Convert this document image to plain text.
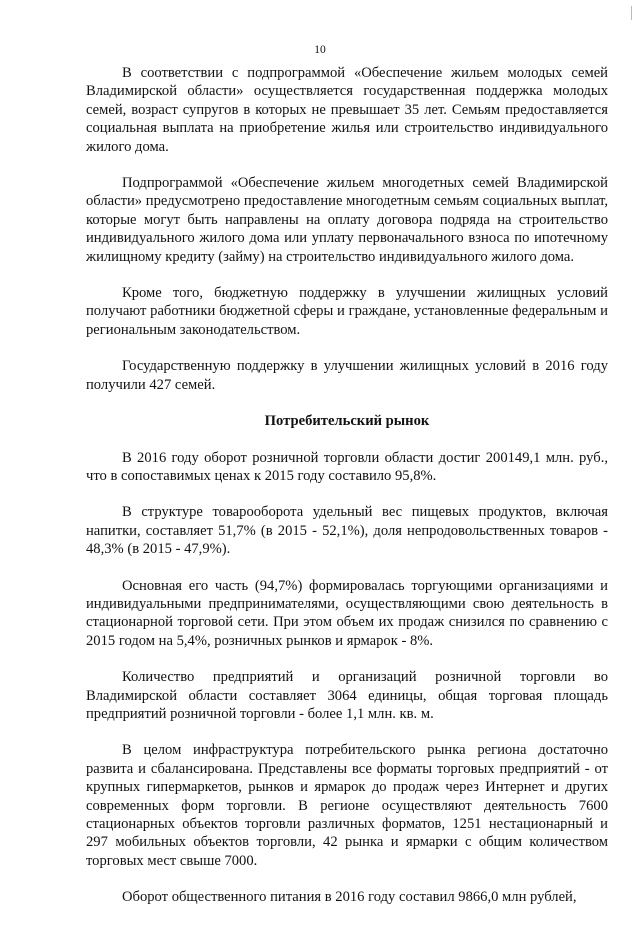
10

В соответствии с подпрограммой «Обеспечение жильем молодых семей Владимирской области» осуществляется государственная поддержка молодых семей, возраст супругов в которых не превышает 35 лет. Семьям предоставляется социальная выплата на приобретение жилья или строительство индивидуального жилого дома.

Подпрограммой «Обеспечение жильем многодетных семей Владимирской области» предусмотрено предоставление многодетным семьям социальных выплат, которые могут быть направлены на оплату договора подряда на строительство индивидуального жилого дома или уплату первоначального взноса по ипотечному жилищному кредиту (займу) на строительство индивидуального жилого дома.

Кроме того, бюджетную поддержку в улучшении жилищных условий получают работники бюджетной сферы и граждане, установленные федеральным и региональным законодательством.

Государственную поддержку в улучшении жилищных условий в 2016 году получили 427 семей.

Потребительский рынок

В 2016 году оборот розничной торговли области достиг 200149,1 млн. руб., что в сопоставимых ценах к 2015 году составило 95,8%.

В структуре товарооборота удельный вес пищевых продуктов, включая напитки, составляет 51,7% (в 2015 - 52,1%), доля непродовольственных товаров - 48,3% (в 2015 - 47,9%).

Основная его часть (94,7%) формировалась торгующими организациями и индивидуальными предпринимателями, осуществляющими свою деятельность в стационарной торговой сети. При этом объем их продаж снизился по сравнению с 2015 годом на 5,4%, розничных рынков и ярмарок - 8%.

Количество предприятий и организаций розничной торговли во Владимирской области составляет 3064 единицы, общая торговая площадь предприятий розничной торговли - более 1,1 млн. кв. м.

В целом инфраструктура потребительского рынка региона достаточно развита и сбалансирована. Представлены все форматы торговых предприятий - от крупных гипермаркетов, рынков и ярмарок до продаж через Интернет и других современных форм торговли. В регионе осуществляют деятельность 7600 стационарных объектов торговли различных форматов, 1251 нестационарный и 297 мобильных объектов торговли, 42 рынка и ярмарки с общим количеством торговых мест свыше 7000.

Оборот общественного питания в 2016 году составил 9866,0 млн рублей,
